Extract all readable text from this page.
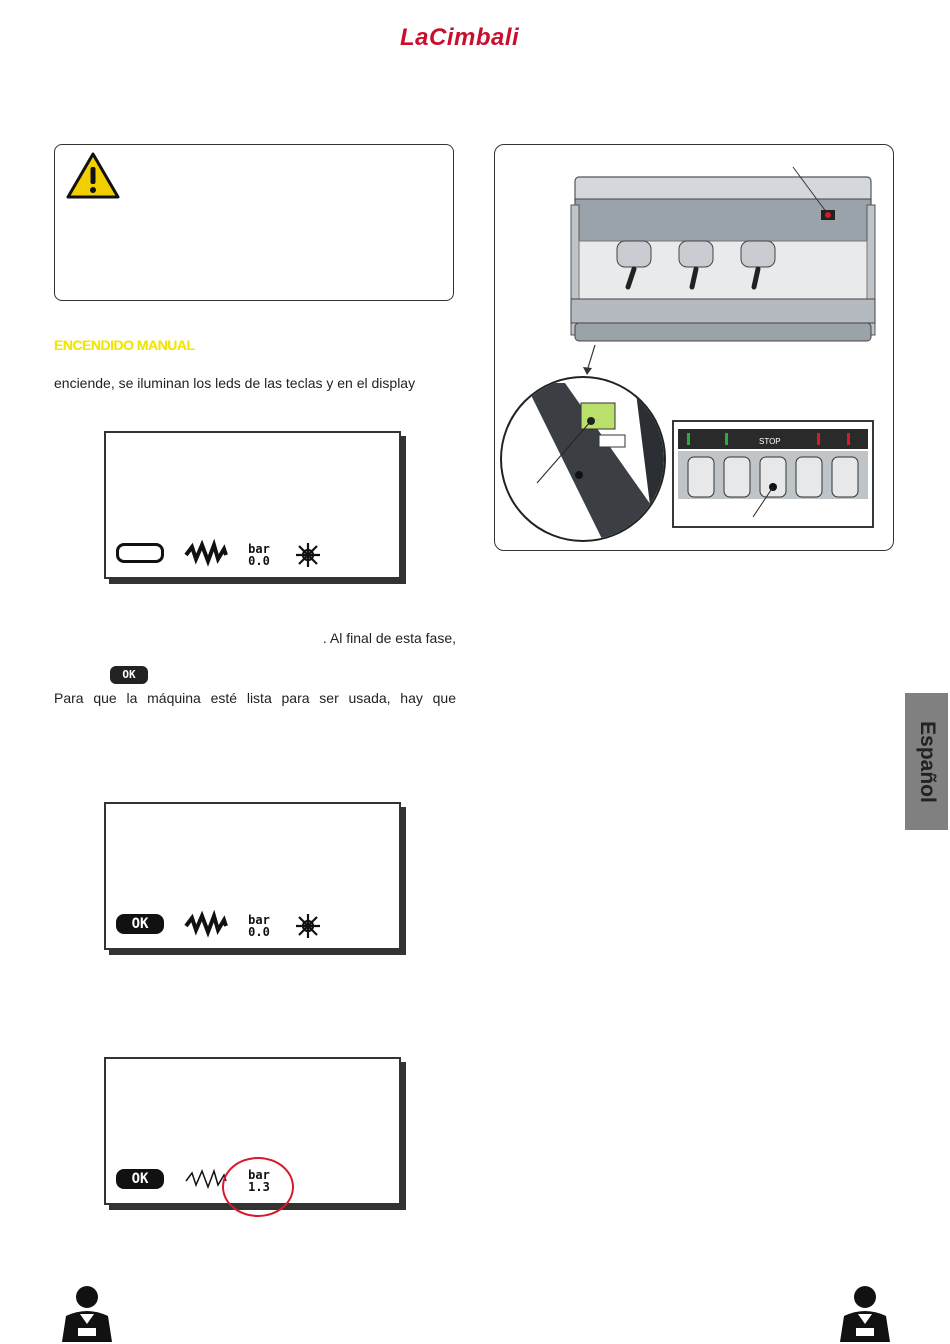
LaCimbali
ENCENDIDO MANUAL
enciende, se iluminan los leds de las teclas y en el display
bar
0.0
. Al final de esta fase,
OK
Para que la máquina esté lista para ser usada, hay que
OK	bar
0.0
OK	bar
1.3
STOP
Español
